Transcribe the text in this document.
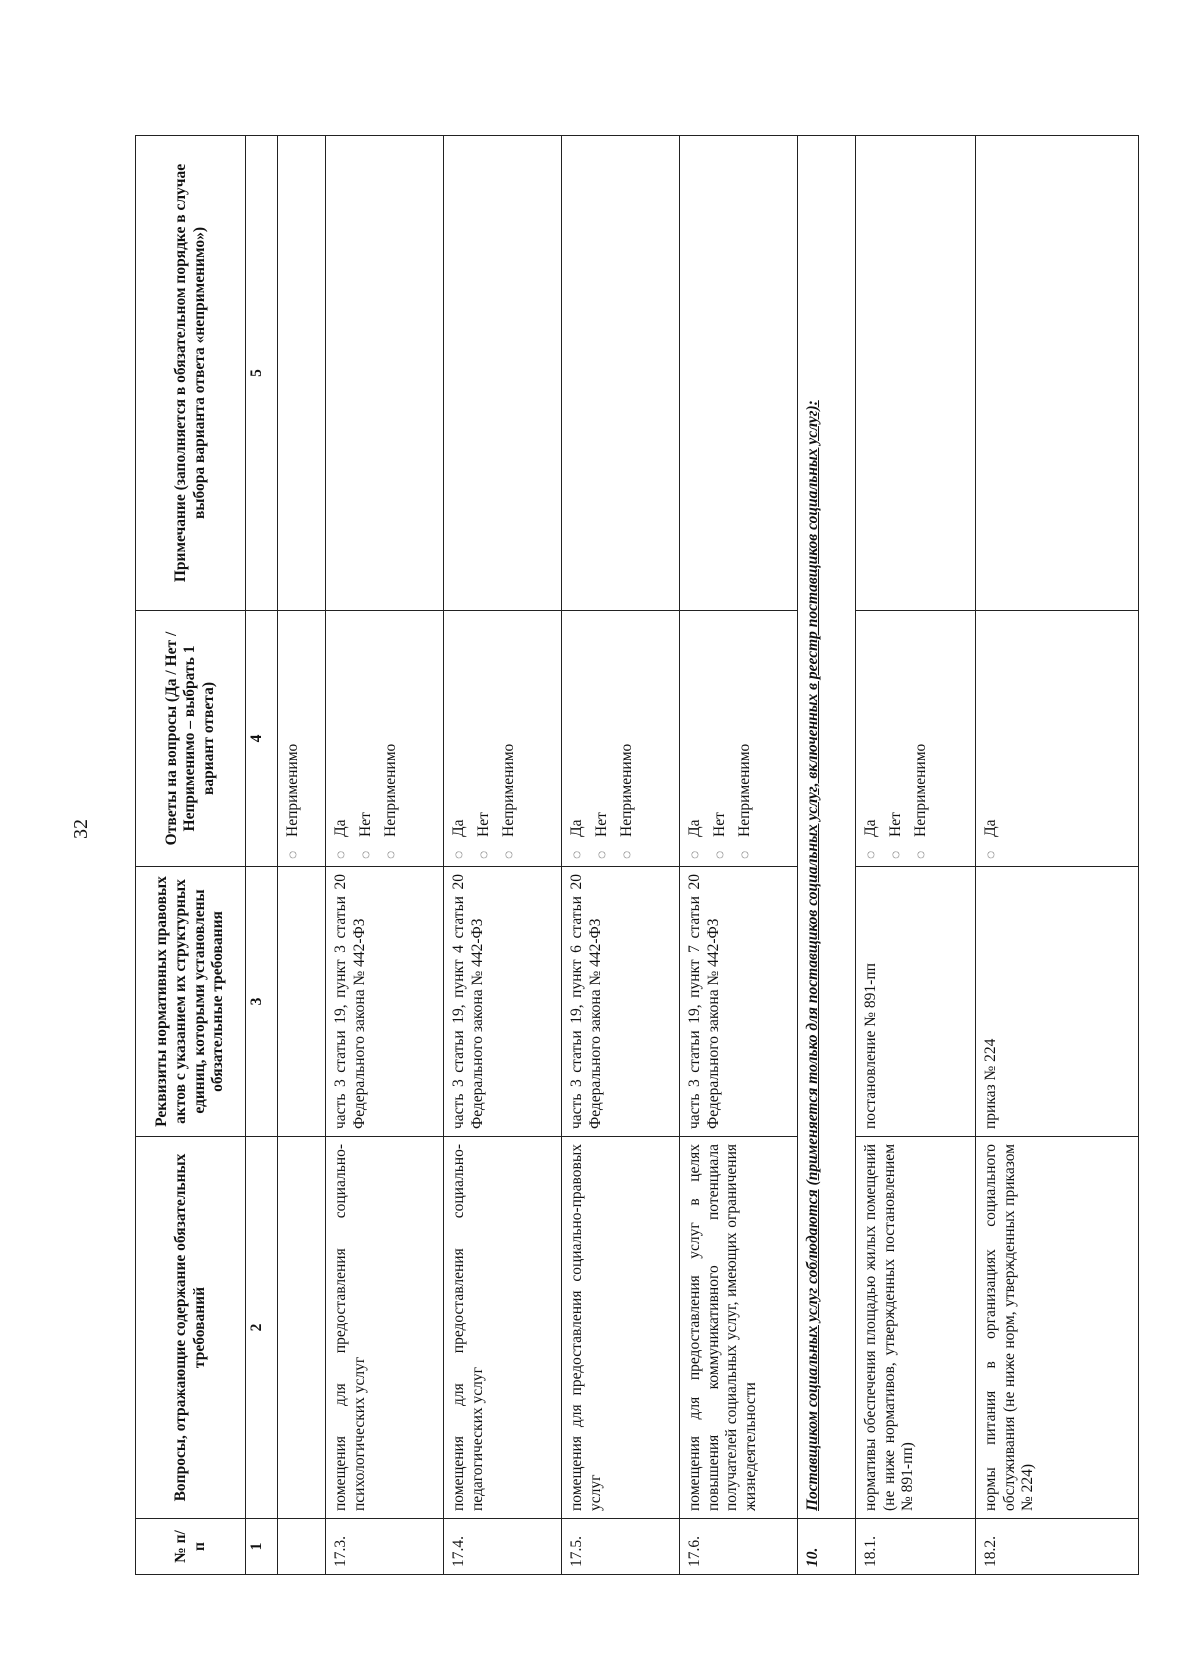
32
№ п/п	Вопросы, отражающие содержание обязательных требований	Реквизиты нормативных правовых актов с указанием их структурных единиц, которыми установлены обязательные требования	Ответы на вопросы (Да / Нет / Неприменимо – выбрать 1 вариант ответа)	Примечание (заполняется в обязательном порядке в случае выбора варианта ответа «неприменимо»)
1	2	3	4	5

			◌Неприменимо	

17.3.	помещения для предоставления социально-психологических услуг	часть 3 статьи 19, пункт 3 статьи 20 Федерального закона № 442-ФЗ	◌Да
◌Нет
◌Неприменимо	

17.4.	помещения для предоставления социально-педагогических услуг	часть 3 статьи 19, пункт 4 статьи 20 Федерального закона № 442-ФЗ	◌Да
◌Нет
◌Неприменимо	

17.5.	помещения для предоставления социально-правовых услуг	часть 3 статьи 19, пункт 6 статьи 20 Федерального закона № 442-ФЗ	◌Да
◌Нет
◌Неприменимо	

17.6.	помещения для предоставления услуг в целях повышения коммуникативного потенциала получателей социальных услуг, имеющих ограничения жизнедеятельности	часть 3 статьи 19, пункт 7 статьи 20 Федерального закона № 442-ФЗ	◌Да
◌Нет
◌Неприменимо	

10.	Поставщиком социальных услуг соблюдаются (применяется только для поставщиков социальных услуг, включенных в реестр поставщиков социальных услуг):			
18.1.	нормативы обеспечения площадью жилых помещений (не ниже нормативов, утвержденных постановлением № 891-пп)	постановление № 891-пп	◌Да
◌Нет
◌Неприменимо	

18.2.	нормы питания в организациях социального обслуживания (не ниже норм, утвержденных приказом № 224)	приказ № 224	◌Да	
